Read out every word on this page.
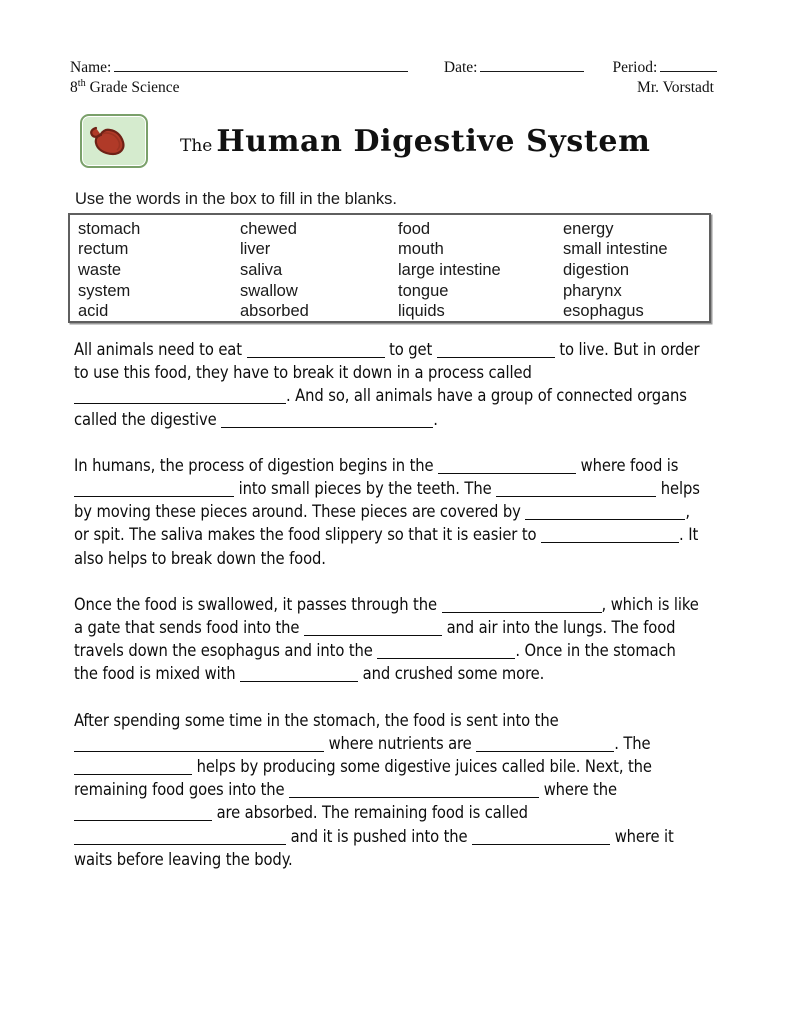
Name:	Date:	Period:
8th Grade Science	Mr. Vorstadt
The Human Digestive System
Use the words in the box to fill in the blanks.
stomach	chewed	food	energy
rectum	liver	mouth	small intestine
waste	saliva	large intestine	digestion
system	swallow	tongue	pharynx
acid	absorbed	liquids	esophagus

All animals need to eat	to get	to live. But in order to use this food, they have to break it down in a process called . And so, all animals have a group of connected organs called the digestive	.

In humans, the process of digestion begins in the	where food is  into small pieces by the teeth. The	helps by moving these pieces around. These pieces are covered by	, or spit. The saliva makes the food slippery so that it is easier to	. It also helps to break down the food.

Once the food is swallowed, it passes through the	, which is like a gate that sends food into the	and air into the lungs. The food travels down the esophagus and into the	. Once in the stomach the food is mixed with	and crushed some more.

After spending some time in the stomach, the food is sent into the  where nutrients are	. The  helps by producing some digestive juices called bile. Next, the remaining food goes into the	where the  are absorbed. The remaining food is called  and it is pushed into the	where it waits before leaving the body.
